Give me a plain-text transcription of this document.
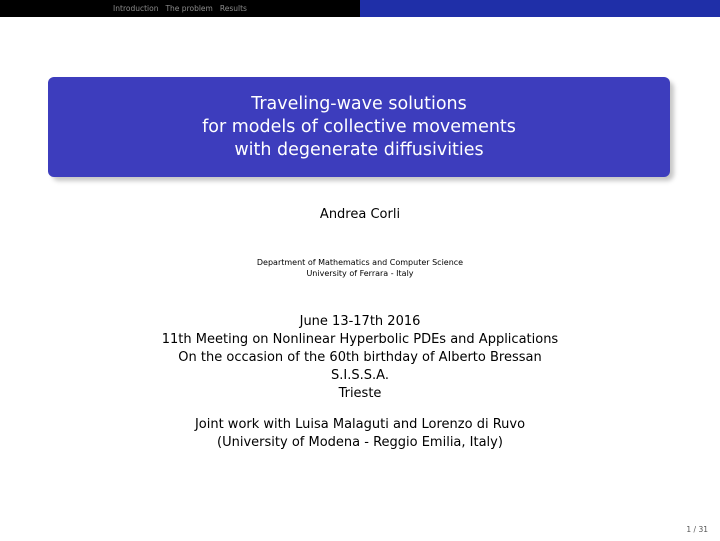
Introduction The problem Results
Traveling-wave solutions
for models of collective movements
with degenerate diffusivities
Andrea Corli
Department of Mathematics and Computer Science
University of Ferrara - Italy
June 13-17th 2016
11th Meeting on Nonlinear Hyperbolic PDEs and Applications
On the occasion of the 60th birthday of Alberto Bressan
S.I.S.S.A.
Trieste
Joint work with Luisa Malaguti and Lorenzo di Ruvo
(University of Modena - Reggio Emilia, Italy)
1 / 31
